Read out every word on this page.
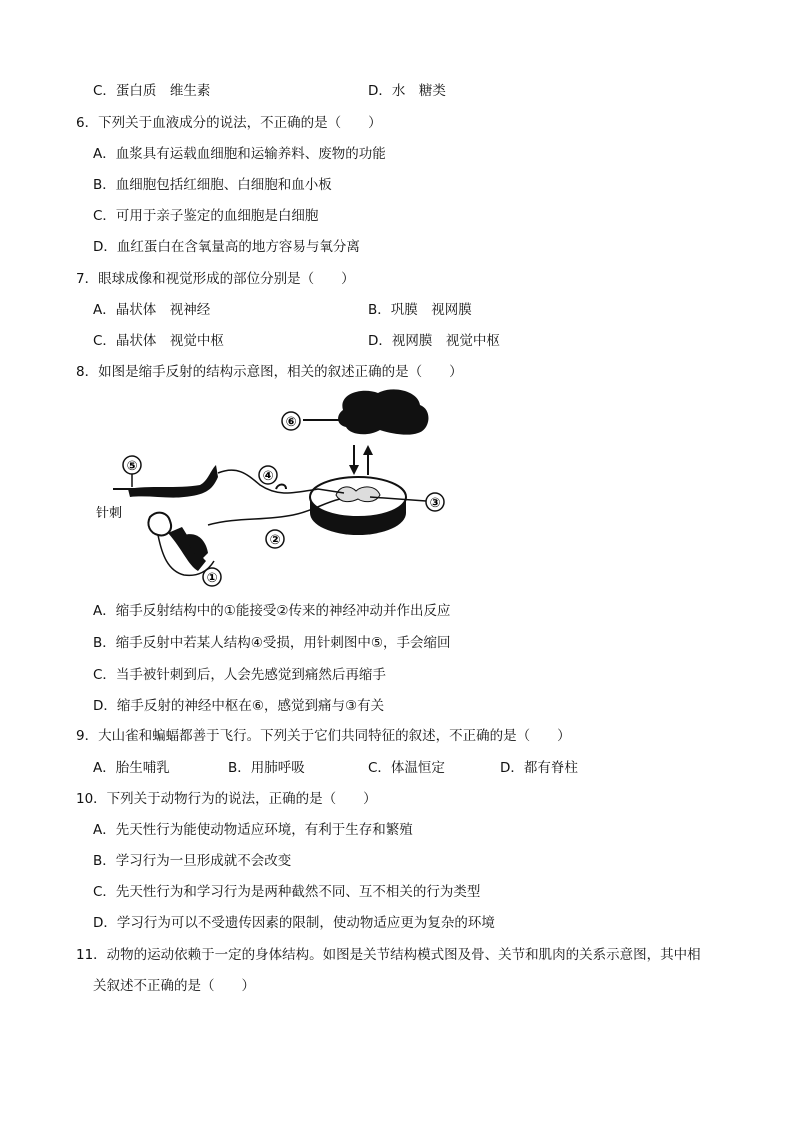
C．蛋白质　维生素	D．水　糖类
6．下列关于血液成分的说法，不正确的是（　　）
A．血浆具有运载血细胞和运输养料、废物的功能
B．血细胞包括红细胞、白细胞和血小板
C．可用于亲子鉴定的血细胞是白细胞
D．血红蛋白在含氧量高的地方容易与氧分离
7．眼球成像和视觉形成的部位分别是（　　）
A．晶状体　视神经	B．巩膜　视网膜
C．晶状体　视觉中枢	D．视网膜　视觉中枢
8．如图是缩手反射的结构示意图，相关的叙述正确的是（　　）
⑥
③
④
②
⑤
针刺
①
A．缩手反射结构中的①能接受②传来的神经冲动并作出反应
B．缩手反射中若某人结构④受损，用针刺图中⑤，手会缩回
C．当手被针刺到后，人会先感觉到痛然后再缩手
D．缩手反射的神经中枢在⑥，感觉到痛与③有关
9．大山雀和蝙蝠都善于飞行。下列关于它们共同特征的叙述，不正确的是（　　）
A．胎生哺乳	B．用肺呼吸	C．体温恒定	D．都有脊柱
10．下列关于动物行为的说法，正确的是（　　）
A．先天性行为能使动物适应环境，有利于生存和繁殖
B．学习行为一旦形成就不会改变
C．先天性行为和学习行为是两种截然不同、互不相关的行为类型
D．学习行为可以不受遗传因素的限制，使动物适应更为复杂的环境
11．动物的运动依赖于一定的身体结构。如图是关节结构模式图及骨、关节和肌肉的关系示意图，其中相
关叙述不正确的是（　　）
